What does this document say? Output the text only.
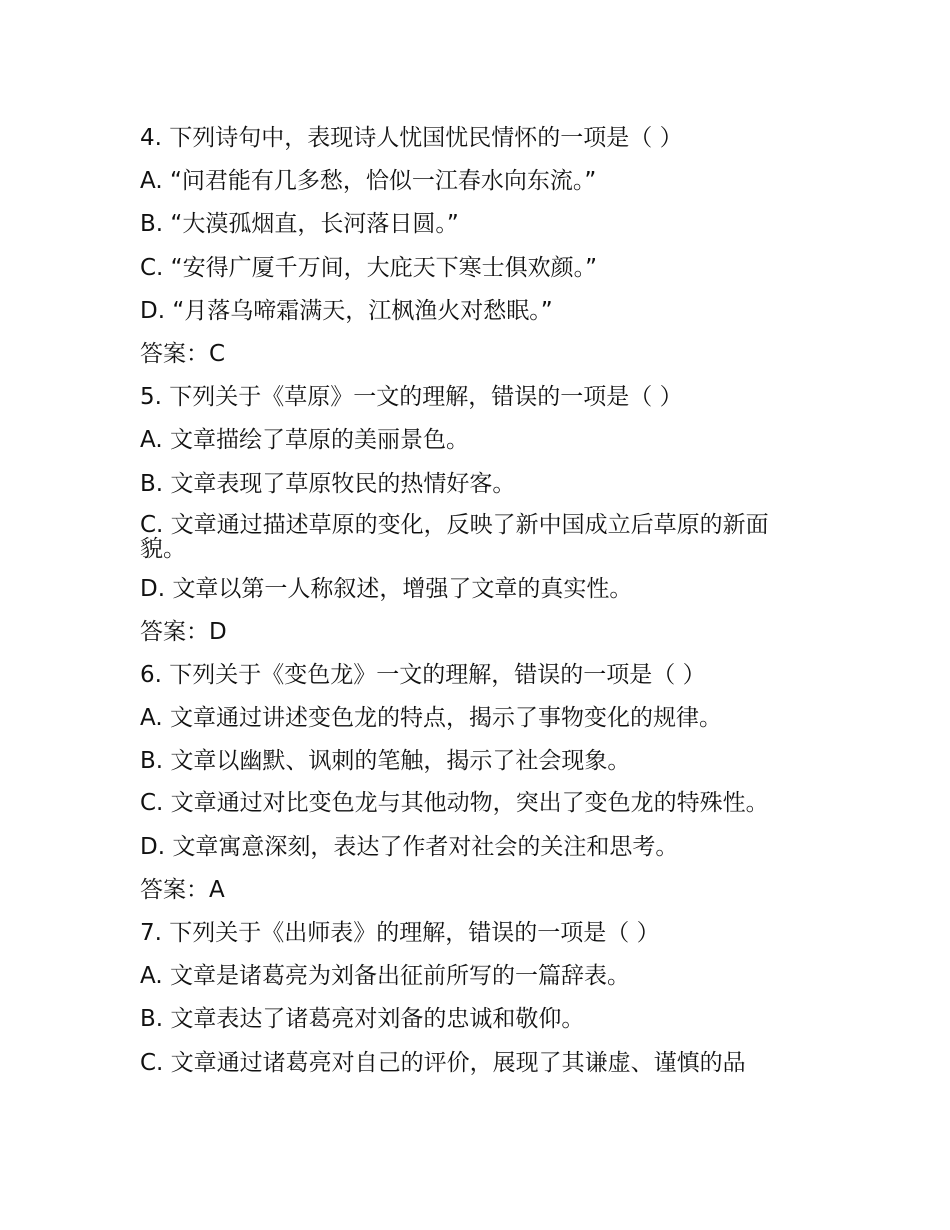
4. 下列诗句中，表现诗人忧国忧民情怀的一项是（ ）
A. “问君能有几多愁，恰似一江春水向东流。”
B. “大漠孤烟直，长河落日圆。”
C. “安得广厦千万间，大庇天下寒士俱欢颜。”
D. “月落乌啼霜满天，江枫渔火对愁眠。”
答案：C
5. 下列关于《草原》一文的理解，错误的一项是（ ）
A. 文章描绘了草原的美丽景色。
B. 文章表现了草原牧民的热情好客。
C. 文章通过描述草原的变化，反映了新中国成立后草原的新面貌。
D. 文章以第一人称叙述，增强了文章的真实性。
答案：D
6. 下列关于《变色龙》一文的理解，错误的一项是（ ）
A. 文章通过讲述变色龙的特点，揭示了事物变化的规律。
B. 文章以幽默、讽刺的笔触，揭示了社会现象。
C. 文章通过对比变色龙与其他动物，突出了变色龙的特殊性。
D. 文章寓意深刻，表达了作者对社会的关注和思考。
答案：A
7. 下列关于《出师表》的理解，错误的一项是（ ）
A. 文章是诸葛亮为刘备出征前所写的一篇辞表。
B. 文章表达了诸葛亮对刘备的忠诚和敬仰。
C. 文章通过诸葛亮对自己的评价，展现了其谦虚、谨慎的品
